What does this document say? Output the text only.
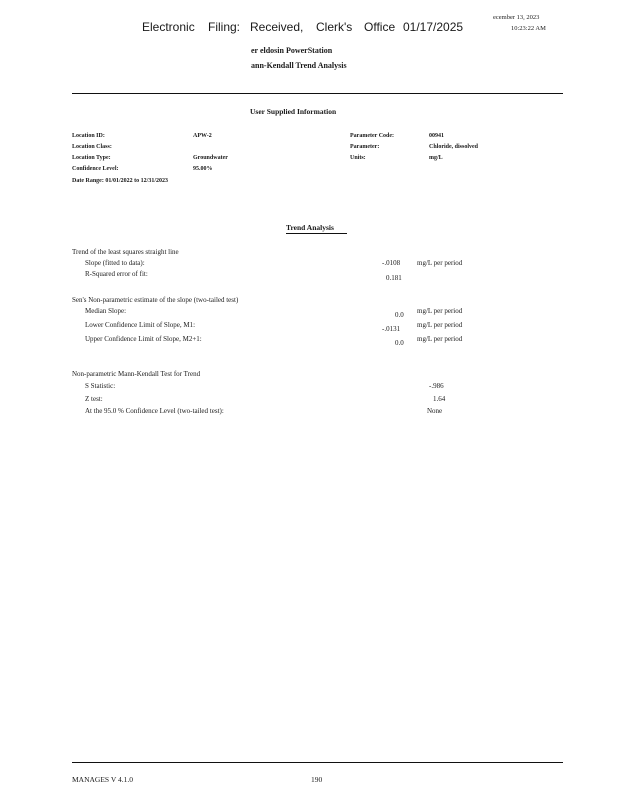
Electronic Filing: Received, Clerk's Office 01/17/2025
ecember 13, 2023
10:23:22 AM
er eldosin PowerStation
ann-Kendall Trend Analysis
User Supplied Information
Location ID:	APW-2
Location Class:
Location Type:	Groundwater
Confidence Level:	95.00%
Date Range: 01/01/2022 to 12/31/2023
Parameter Code:	00941
Parameter:	Chloride, dissolved
Units:	mg/L
Trend Analysis
Trend of the least squares straight line
Slope (fitted to data):	-.0108 mg/L per period
R-Squared error of fit:	0.181
Sen's Non-parametric estimate of the slope (two-tailed test)
Median Slope:	0.0 mg/L per period
Lower Confidence Limit of Slope, M1:	-.0131 mg/L per period
Upper Confidence Limit of Slope, M2+1:	0.0 mg/L per period
Non-parametric Mann-Kendall Test for Trend
S Statistic:	-.986
Z test:	1.64
At the 95.0 % Confidence Level (two-tailed test):	None
MANAGES V 4.1.0	190
